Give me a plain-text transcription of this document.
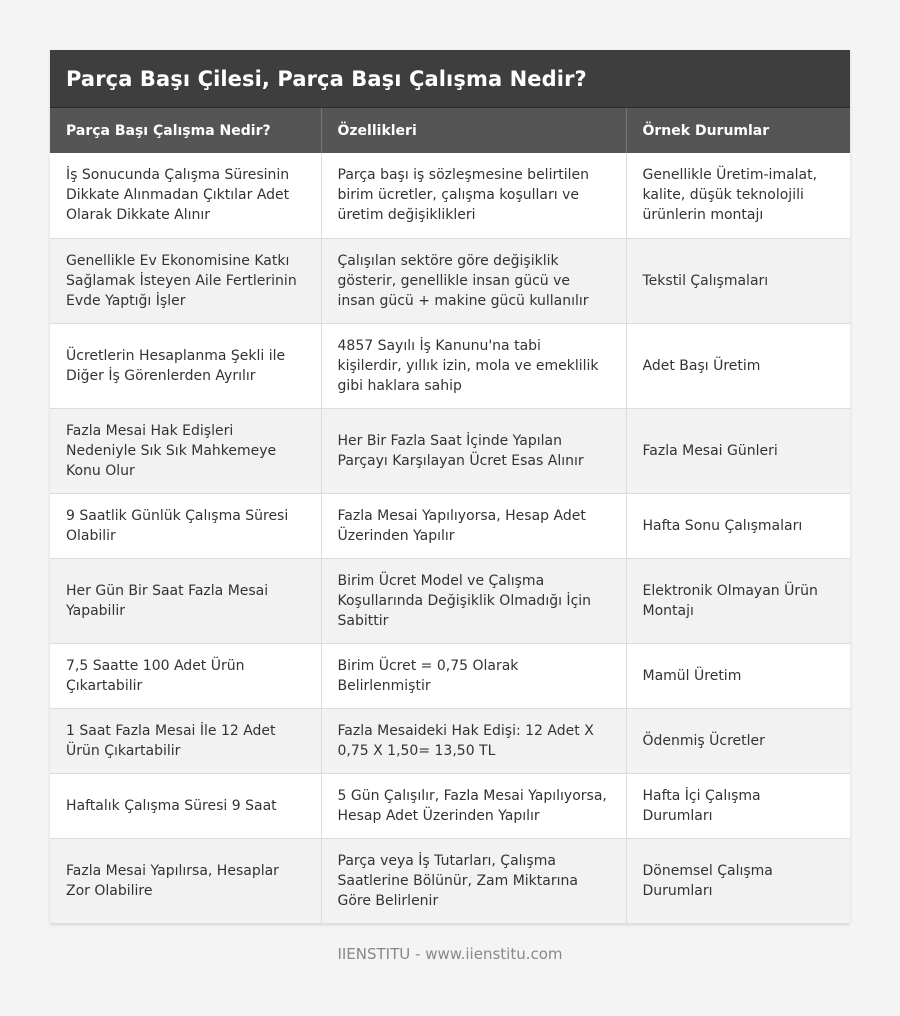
Parça Başı Çilesi, Parça Başı Çalışma Nedir?
Parça Başı Çalışma Nedir?	Özellikleri	Örnek Durumlar
İş Sonucunda Çalışma Süresinin Dikkate Alınmadan Çıktılar Adet Olarak Dikkate Alınır	Parça başı iş sözleşmesine belirtilen birim ücretler, çalışma koşulları ve üretim değişiklikleri	Genellikle Üretim-imalat, kalite, düşük teknolojili ürünlerin montajı
Genellikle Ev Ekonomisine Katkı Sağlamak İsteyen Aile Fertlerinin Evde Yaptığı İşler	Çalışılan sektöre göre değişiklik gösterir, genellikle insan gücü ve insan gücü + makine gücü kullanılır	Tekstil Çalışmaları
Ücretlerin Hesaplanma Şekli ile Diğer İş Görenlerden Ayrılır	4857 Sayılı İş Kanunu'na tabi kişilerdir, yıllık izin, mola ve emeklilik gibi haklara sahip	Adet Başı Üretim
Fazla Mesai Hak Edişleri Nedeniyle Sık Sık Mahkemeye Konu Olur	Her Bir Fazla Saat İçinde Yapılan Parçayı Karşılayan Ücret Esas Alınır	Fazla Mesai Günleri
9 Saatlik Günlük Çalışma Süresi Olabilir	Fazla Mesai Yapılıyorsa, Hesap Adet Üzerinden Yapılır	Hafta Sonu Çalışmaları
Her Gün Bir Saat Fazla Mesai Yapabilir	Birim Ücret Model ve Çalışma Koşullarında Değişiklik Olmadığı İçin Sabittir	Elektronik Olmayan Ürün Montajı
7,5 Saatte 100 Adet Ürün Çıkartabilir	Birim Ücret = 0,75 Olarak Belirlenmiştir	Mamül Üretim
1 Saat Fazla Mesai İle 12 Adet Ürün Çıkartabilir	Fazla Mesaideki Hak Edişi: 12 Adet X 0,75 X 1,50= 13,50 TL	Ödenmiş Ücretler
Haftalık Çalışma Süresi 9 Saat	5 Gün Çalışılır, Fazla Mesai Yapılıyorsa, Hesap Adet Üzerinden Yapılır	Hafta İçi Çalışma Durumları
Fazla Mesai Yapılırsa, Hesaplar Zor Olabilire	Parça veya İş Tutarları, Çalışma Saatlerine Bölünür, Zam Miktarına Göre Belirlenir	Dönemsel Çalışma Durumları
IIENSTITU - www.iienstitu.com
